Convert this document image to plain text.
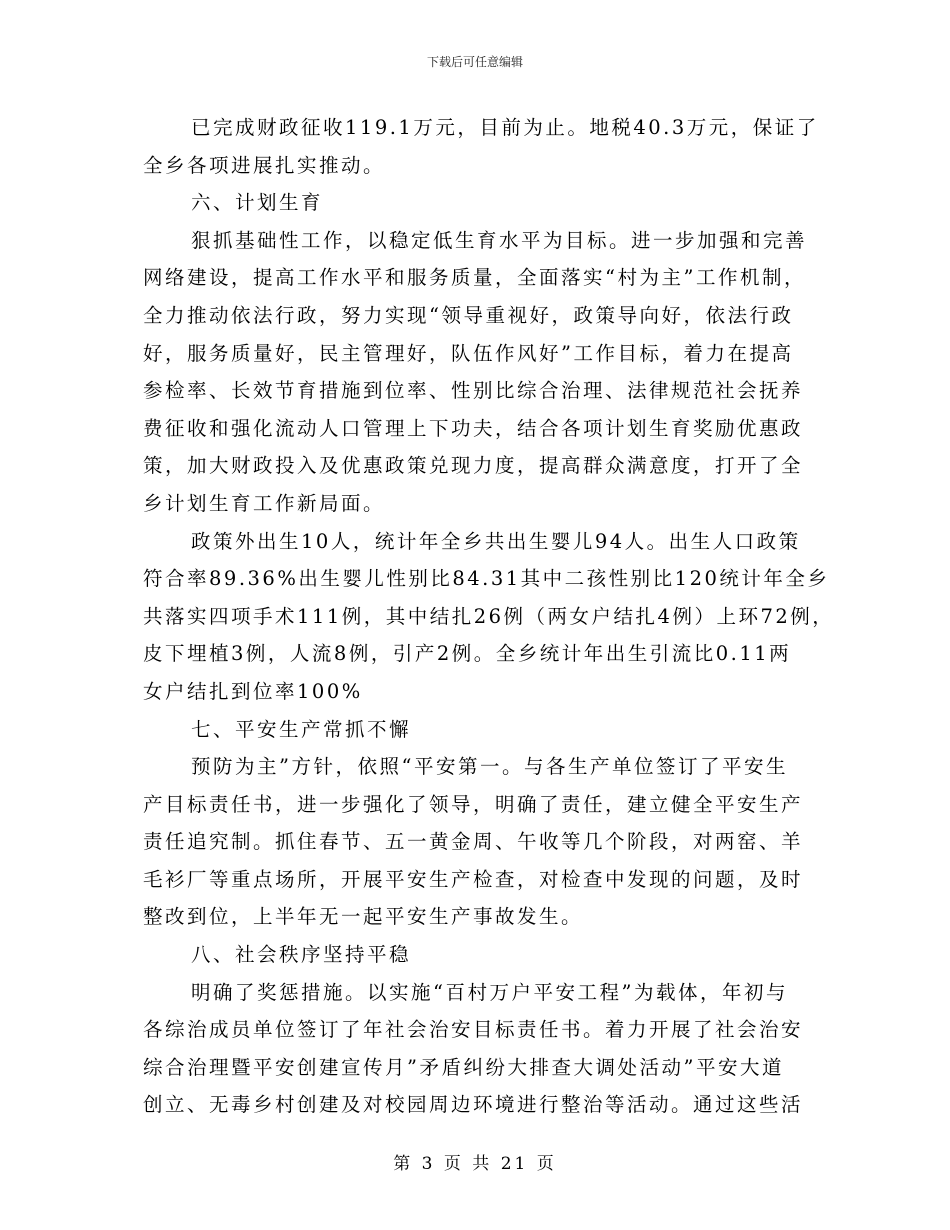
下载后可任意编辑
已完成财政征收119.1万元，目前为止。地税40.3万元，保证了
全乡各项进展扎实推动。
六、计划生育
狠抓基础性工作，以稳定低生育水平为目标。进一步加强和完善
网络建设，提高工作水平和服务质量，全面落实“村为主”工作机制，
全力推动依法行政，努力实现“领导重视好，政策导向好，依法行政
好，服务质量好，民主管理好，队伍作风好”工作目标，着力在提高
参检率、长效节育措施到位率、性别比综合治理、法律规范社会抚养
费征收和强化流动人口管理上下功夫，结合各项计划生育奖励优惠政
策，加大财政投入及优惠政策兑现力度，提高群众满意度，打开了全
乡计划生育工作新局面。
政策外出生10人，统计年全乡共出生婴儿94人。出生人口政策
符合率89.36%出生婴儿性别比84.31其中二孩性别比120统计年全乡
共落实四项手术111例，其中结扎26例（两女户结扎4例）上环72例，
皮下埋植3例，人流8例，引产2例。全乡统计年出生引流比0.11两
女户结扎到位率100%
七、平安生产常抓不懈
预防为主”方针，依照“平安第一。与各生产单位签订了平安生
产目标责任书，进一步强化了领导，明确了责任，建立健全平安生产
责任追究制。抓住春节、五一黄金周、午收等几个阶段，对两窑、羊
毛衫厂等重点场所，开展平安生产检查，对检查中发现的问题，及时
整改到位，上半年无一起平安生产事故发生。
八、社会秩序坚持平稳
明确了奖惩措施。以实施“百村万户平安工程”为载体，年初与
各综治成员单位签订了年社会治安目标责任书。着力开展了社会治安
综合治理暨平安创建宣传月”矛盾纠纷大排查大调处活动”平安大道
创立、无毒乡村创建及对校园周边环境进行整治等活动。通过这些活
第 3 页 共 21 页
